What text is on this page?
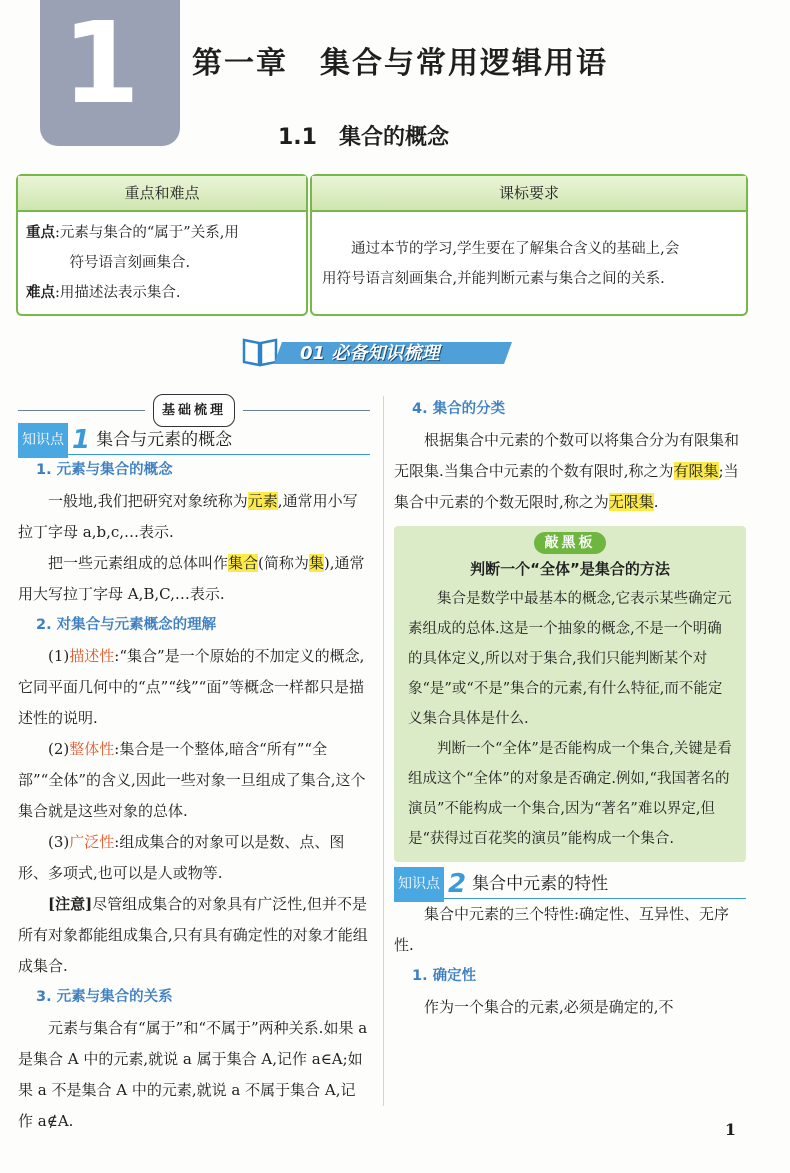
1 第一章　集合与常用逻辑用语
1.1　集合的概念
重点和难点
重点:元素与集合的“属于”关系,用
符号语言刻画集合.
难点:用描述法表示集合.
课标要求
通过本节的学习,学生要在了解集合含义的基础上,会
用符号语言刻画集合,并能判断元素与集合之间的关系.
01 必备知识梳理
基础梳理
知识点 1 集合与元素的概念

1. 元素与集合的概念

一般地,我们把研究对象统称为元素,通常用小写拉丁字母 a,b,c,…表示.

把一些元素组成的总体叫作集合(简称为集),通常用大写拉丁字母 A,B,C,…表示.

2. 对集合与元素概念的理解

(1)描述性:“集合”是一个原始的不加定义的概念,它同平面几何中的“点”“线”“面”等概念一样都只是描述性的说明.

(2)整体性:集合是一个整体,暗含“所有”“全部”“全体”的含义,因此一些对象一旦组成了集合,这个集合就是这些对象的总体.

(3)广泛性:组成集合的对象可以是数、点、图形、多项式,也可以是人或物等.

[注意]尽管组成集合的对象具有广泛性,但并不是所有对象都能组成集合,只有具有确定性的对象才能组成集合.

3. 元素与集合的关系

元素与集合有“属于”和“不属于”两种关系.如果 a 是集合 A 中的元素,就说 a 属于集合 A,记作 a∈A;如果 a 不是集合 A 中的元素,就说 a 不属于集合 A,记作 a∉A.

4. 集合的分类

根据集合中元素的个数可以将集合分为有限集和无限集.当集合中元素的个数有限时,称之为有限集;当集合中元素的个数无限时,称之为无限集.

敲黑板
判断一个“全体”是集合的方法

集合是数学中最基本的概念,它表示某些确定元素组成的总体.这是一个抽象的概念,不是一个明确的具体定义,所以对于集合,我们只能判断某个对象“是”或“不是”集合的元素,有什么特征,而不能定义集合具体是什么.

判断一个“全体”是否能构成一个集合,关键是看组成这个“全体”的对象是否确定.例如,“我国著名的演员”不能构成一个集合,因为“著名”难以界定,但是“获得过百花奖的演员”能构成一个集合.

知识点 2 集合中元素的特性

集合中元素的三个特性:确定性、互异性、无序性.

1. 确定性

作为一个集合的元素,必须是确定的,不

1
